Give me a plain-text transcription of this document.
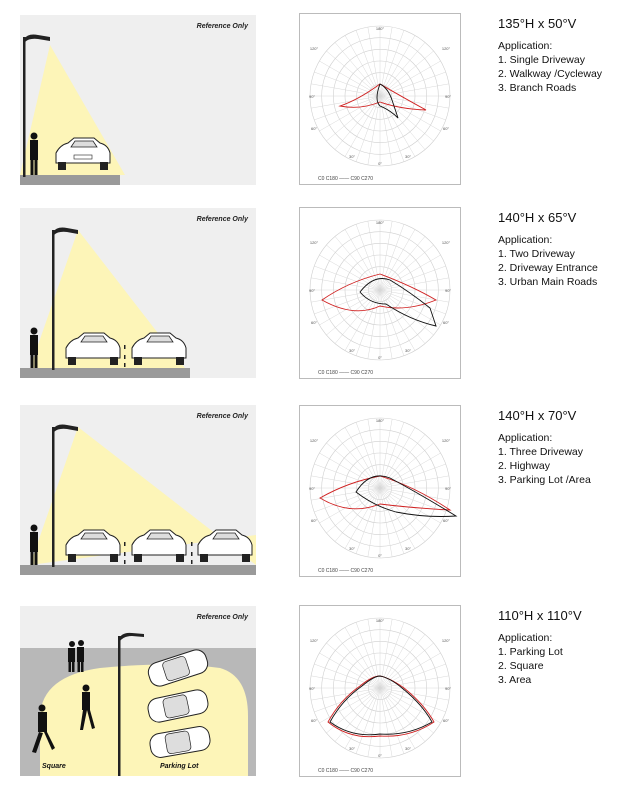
Reference Only	180°
0°
120°	120°
90°	90°
60°	60°
30°	30°
C0 C180 —— C90 C270
135°H x 50°V
Application:
1. Single Driveway
2. Walkway /Cycleway
3. Branch Roads
Reference Only	180°
0°
120°	120°
90°	90°
60°	60°
30°	30°
C0 C180 —— C90 C270
140°H x 65°V
Application:
1. Two Driveway
2. Driveway Entrance
3. Urban Main Roads
Reference Only
180°
0°
120°	120°
90°	90°
60°	60°
30°	30°
C0 C180 —— C90 C270
140°H x 70°V
Application:
1. Three Driveway
2. Highway
3. Parking Lot /Area
Reference Only
Square	Parking Lot
180°
0°
120°	120°
90°	90°
60°	60°
30°	30°
C0 C180 —— C90 C270
110°H x 110°V
Application:
1. Parking Lot
2. Square
3. Area
